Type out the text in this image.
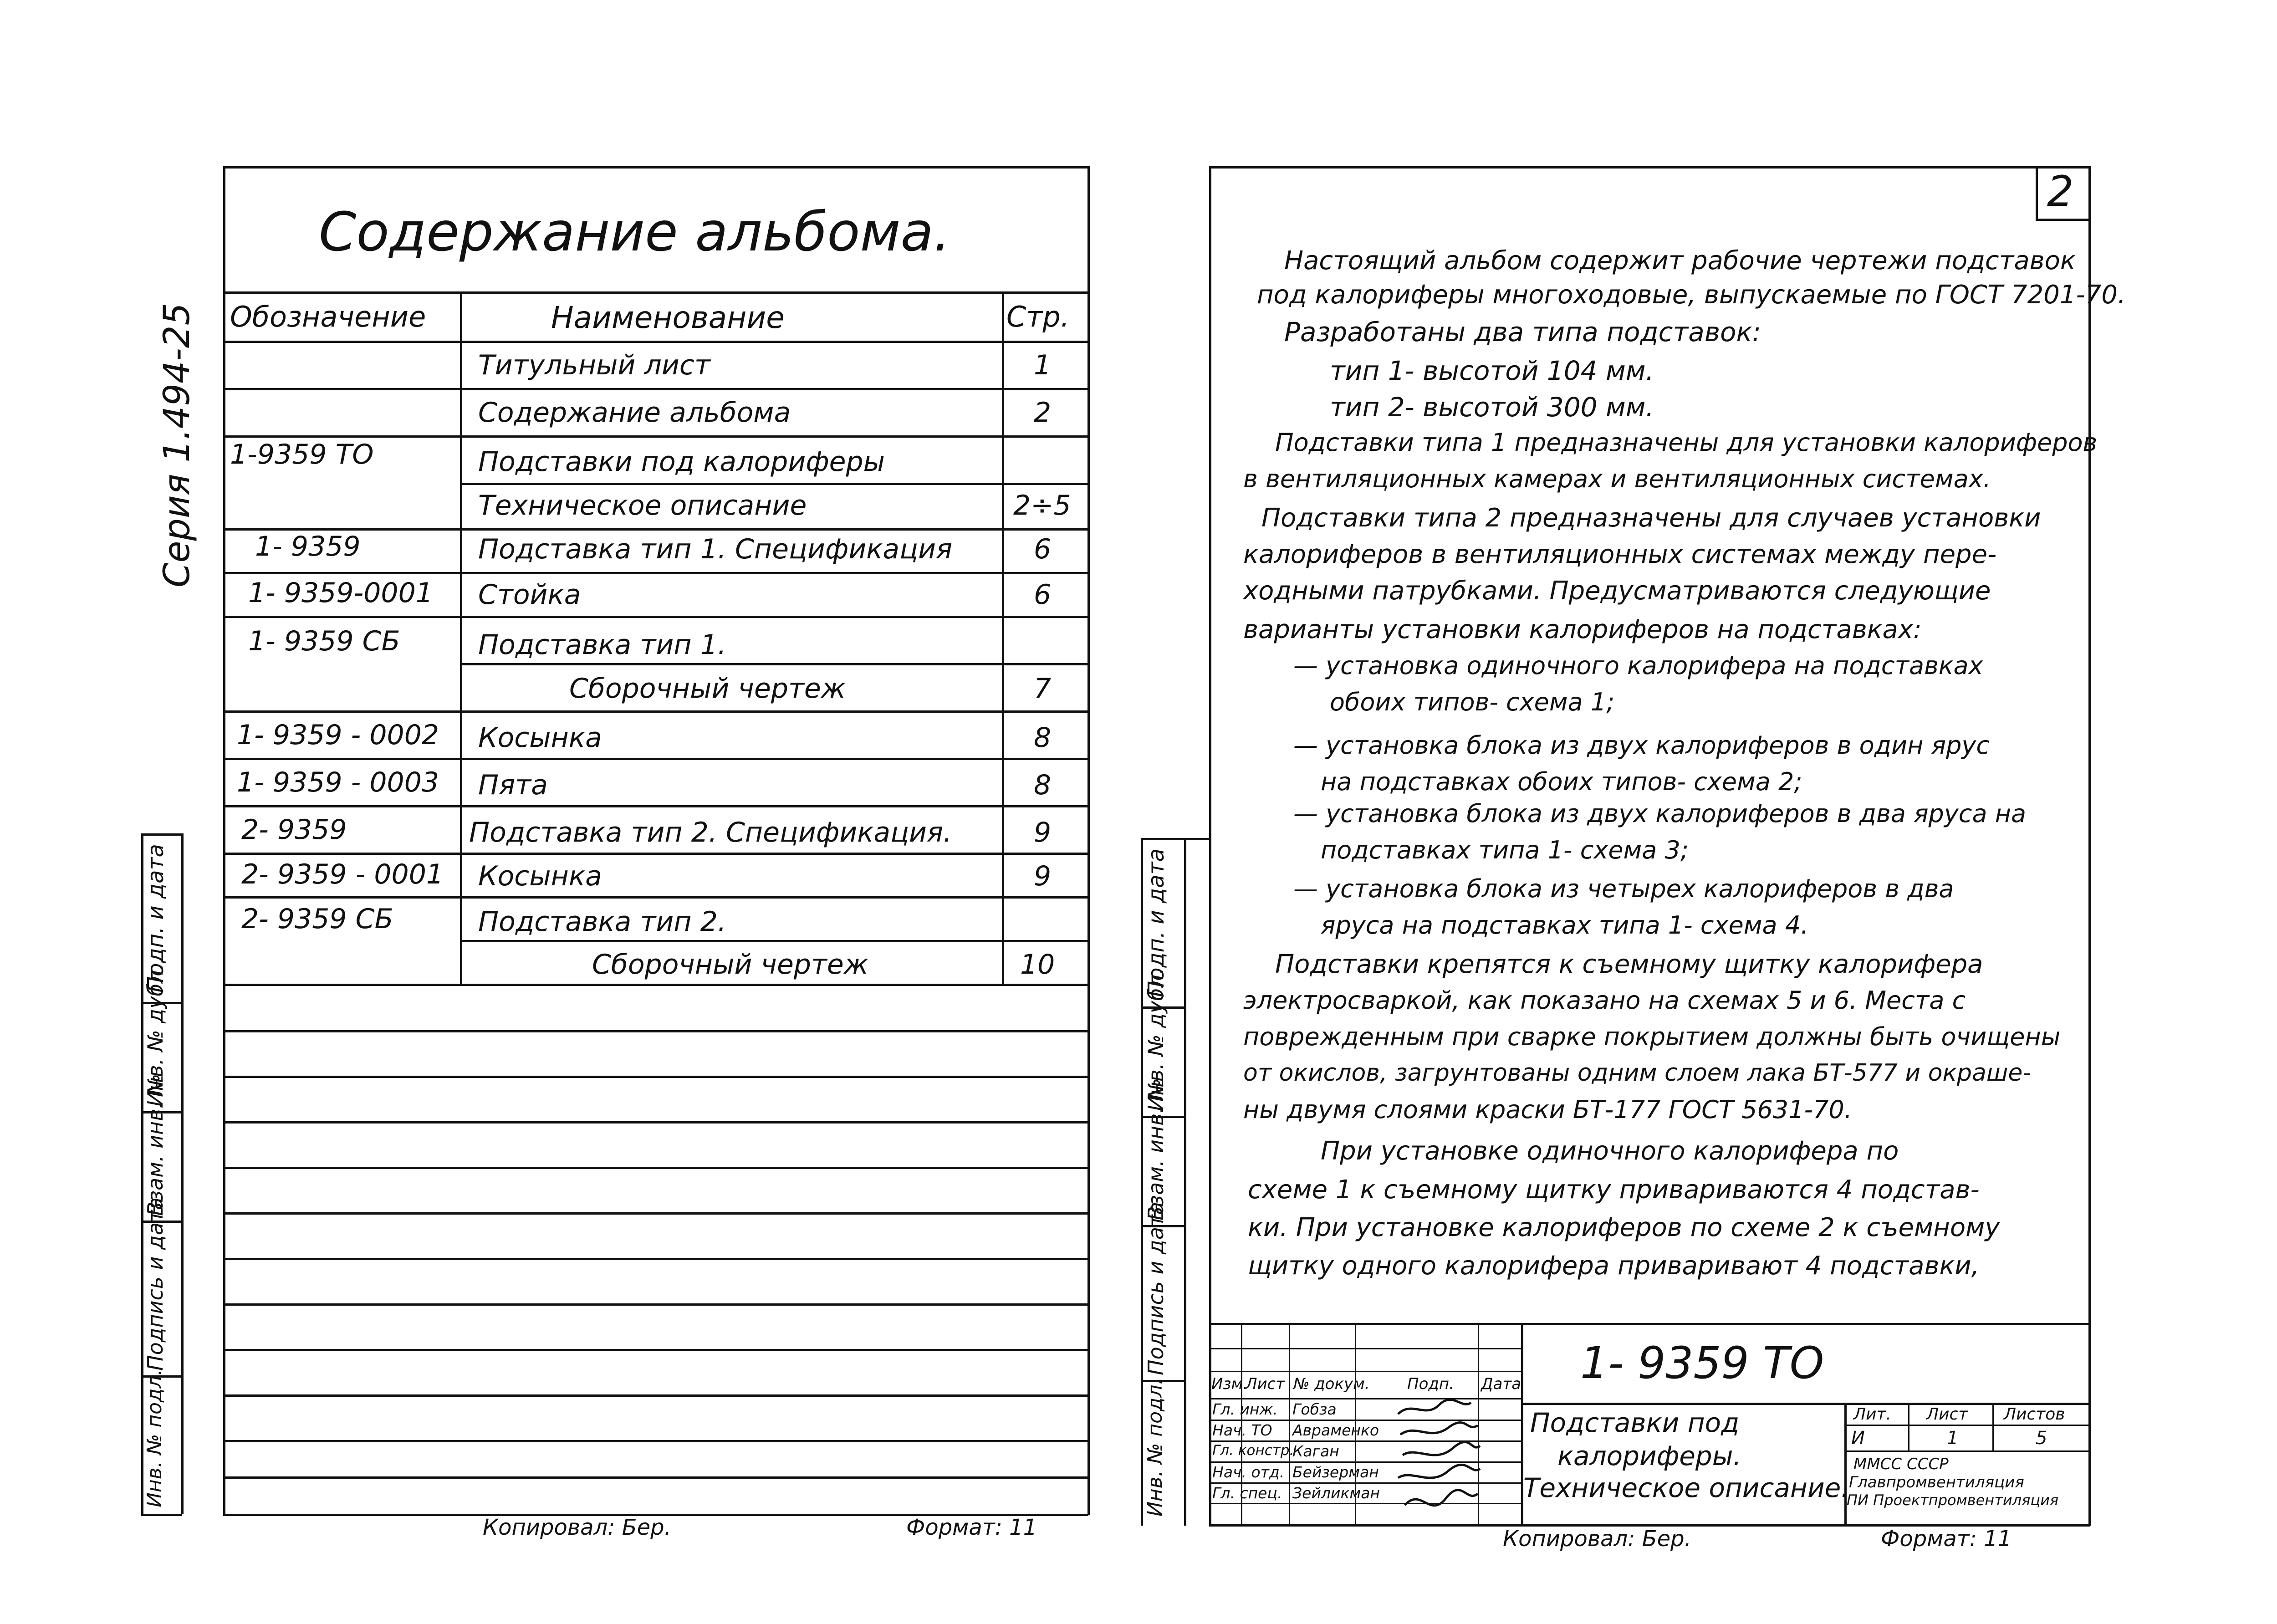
Серия 1.494-25
Содержание альбома.
Обозначение	Наименование	Стр.
Титульный лист	1
Содержание альбома	2
1-9359 ТО	Подставки под калориферы
Техническое описание	2÷5
1- 9359	Подставка тип 1. Спецификация	6
1- 9359-0001 Стойка	6
1- 9359 СБ	Подставка тип 1.
Сборочный чертеж	7
1- 9359 - 0002 Косынка	8
1- 9359 - 0003 Пята	8
2- 9359	Подставка тип 2. Спецификация.	9
2- 9359 - 0001 Косынка	9
2- 9359 СБ	Подставка тип 2.
Сборочный чертеж	10
Подп. и дата
Инв. № дубл.
Взам. инв. №
Подпись и дата
Инв. № подл.
Копировал: Бер.	Формат: 11
2
Настоящий альбом содержит рабочие чертежи подставок
под калориферы многоходовые, выпускаемые по ГОСТ 7201-70.
Разработаны два типа подставок:
тип 1- высотой 104 мм.
тип 2- высотой 300 мм.
Подставки типа 1 предназначены для установки калориферов
в вентиляционных камерах и вентиляционных системах.
Подставки типа 2 предназначены для случаев установки
калориферов в вентиляционных системах между пере-
ходными патрубками. Предусматриваются следующие
варианты установки калориферов на подставках:
— установка одиночного калорифера на подставках
обоих типов- схема 1;
— установка блока из двух калориферов в один ярус
на подставках обоих типов- схема 2;
— установка блока из двух калориферов в два яруса на
подставках типа 1- схема 3;
— установка блока из четырех калориферов в два
яруса на подставках типа 1- схема 4.
Подставки крепятся к съемному щитку калорифера
электросваркой, как показано на схемах 5 и 6. Места с
поврежденным при сварке покрытием должны быть очищены
от окислов, загрунтованы одним слоем лака БТ-577 и окраше-
ны двумя слоями краски БТ-177 ГОСТ 5631-70.
При установке одиночного калорифера по
схеме 1 к съемному щитку привариваются 4 подстав-
ки. При установке калориферов по схеме 2 к съемному
щитку одного калорифера приваривают 4 подставки,
Подп. и дата
Инв. № дубл.
Взам. инв. №
Подпись и дата
Инв. № подл.	Изм.
Лист № докум. Подп. Дата
Гл. инж. Гобза
Нач. ТО Авраменко
Гл. констр.
Каган
Нач. отд. Бейзерман
Гл. спец. Зейликман
1- 9359 ТО
Подставки под
калориферы.
Техническое описание.
Лит. Лист Листов
И	1	5
ММСС СССР
Главпромвентиляция
ПИ Проектпромвентиляция
Копировал: Бер.	Формат: 11
